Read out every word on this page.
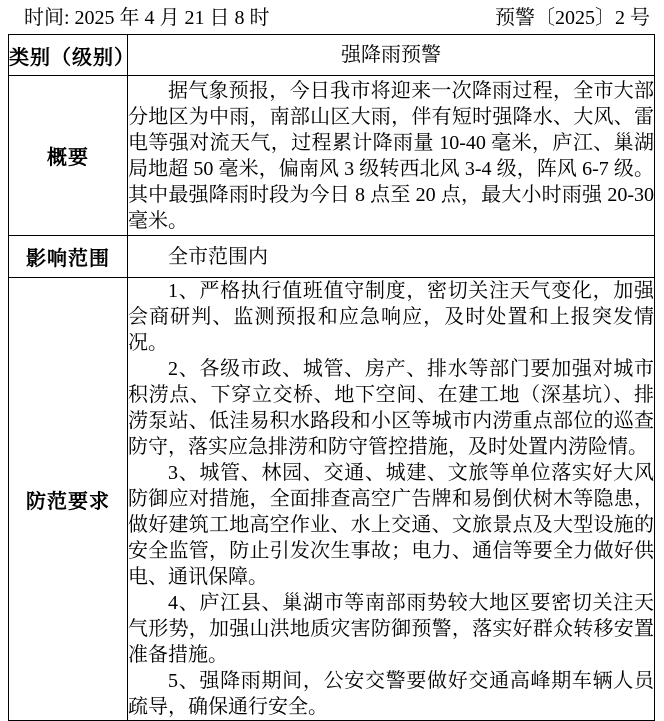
时间: 2025 年 4 月 21 日 8 时	预警〔2025〕2 号
类别（级别）	强降雨预警

概要	据气象预报，今日我市将迎来一次降雨过程，全市大部分地区为中雨，南部山区大雨，伴有短时强降水、大风、雷电等强对流天气，过程累计降雨量 10-40 毫米，庐江、巢湖局地超 50 毫米，偏南风 3 级转西北风 3-4 级，阵风 6-7 级。其中最强降雨时段为今日 8 点至 20 点，最大小时雨强 20-30 毫米。

影响范围	全市范围内

防范要求	1、严格执行值班值守制度，密切关注天气变化，加强会商研判、监测预报和应急响应，及时处置和上报突发情况。

2、各级市政、城管、房产、排水等部门要加强对城市积涝点、下穿立交桥、地下空间、在建工地（深基坑）、排涝泵站、低洼易积水路段和小区等城市内涝重点部位的巡查防守，落实应急排涝和防守管控措施，及时处置内涝险情。

3、城管、林园、交通、城建、文旅等单位落实好大风防御应对措施，全面排查高空广告牌和易倒伏树木等隐患，做好建筑工地高空作业、水上交通、文旅景点及大型设施的安全监管，防止引发次生事故；电力、通信等要全力做好供电、通讯保障。

4、庐江县、巢湖市等南部雨势较大地区要密切关注天气形势，加强山洪地质灾害防御预警，落实好群众转移安置准备措施。

5、强降雨期间，公安交警要做好交通高峰期车辆人员疏导，确保通行安全。
